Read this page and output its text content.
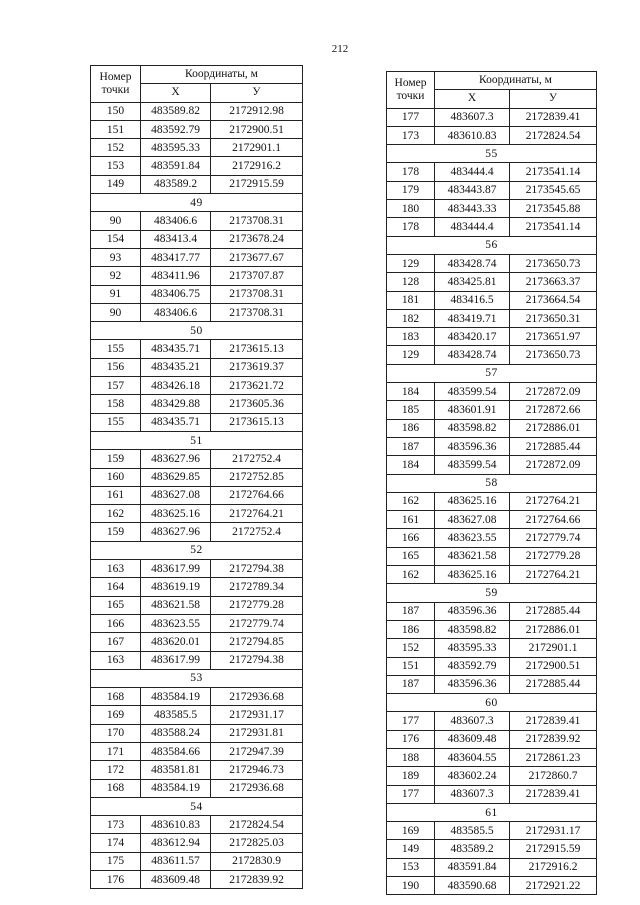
212
Номер
точки	Координаты, м	
	Х	У
150	483589.82	2172912.98
151	483592.79	2172900.51
152	483595.33	2172901.1
153	483591.84	2172916.2
149	483589.2	2172915.59
49		
90	483406.6	2173708.31
154	483413.4	2173678.24
93	483417.77	2173677.67
92	483411.96	2173707.87
91	483406.75	2173708.31
90	483406.6	2173708.31
50		
155	483435.71	2173615.13
156	483435.21	2173619.37
157	483426.18	2173621.72
158	483429.88	2173605.36
155	483435.71	2173615.13
51		
159	483627.96	2172752.4
160	483629.85	2172752.85
161	483627.08	2172764.66
162	483625.16	2172764.21
159	483627.96	2172752.4
52		
163	483617.99	2172794.38
164	483619.19	2172789.34
165	483621.58	2172779.28
166	483623.55	2172779.74
167	483620.01	2172794.85
163	483617.99	2172794.38
53		
168	483584.19	2172936.68
169	483585.5	2172931.17
170	483588.24	2172931.81
171	483584.66	2172947.39
172	483581.81	2172946.73
168	483584.19	2172936.68
54		
173	483610.83	2172824.54
174	483612.94	2172825.03
175	483611.57	2172830.9
176	483609.48	2172839.92
Номер
точки	Координаты, м	
	Х	У
177	483607.3	2172839.41
173	483610.83	2172824.54
55		
178	483444.4	2173541.14
179	483443.87	2173545.65
180	483443.33	2173545.88
178	483444.4	2173541.14
56		
129	483428.74	2173650.73
128	483425.81	2173663.37
181	483416.5	2173664.54
182	483419.71	2173650.31
183	483420.17	2173651.97
129	483428.74	2173650.73
57		
184	483599.54	2172872.09
185	483601.91	2172872.66
186	483598.82	2172886.01
187	483596.36	2172885.44
184	483599.54	2172872.09
58		
162	483625.16	2172764.21
161	483627.08	2172764.66
166	483623.55	2172779.74
165	483621.58	2172779.28
162	483625.16	2172764.21
59		
187	483596.36	2172885.44
186	483598.82	2172886.01
152	483595.33	2172901.1
151	483592.79	2172900.51
187	483596.36	2172885.44
60		
177	483607.3	2172839.41
176	483609.48	2172839.92
188	483604.55	2172861.23
189	483602.24	2172860.7
177	483607.3	2172839.41
61		
169	483585.5	2172931.17
149	483589.2	2172915.59
153	483591.84	2172916.2
190	483590.68	2172921.22
